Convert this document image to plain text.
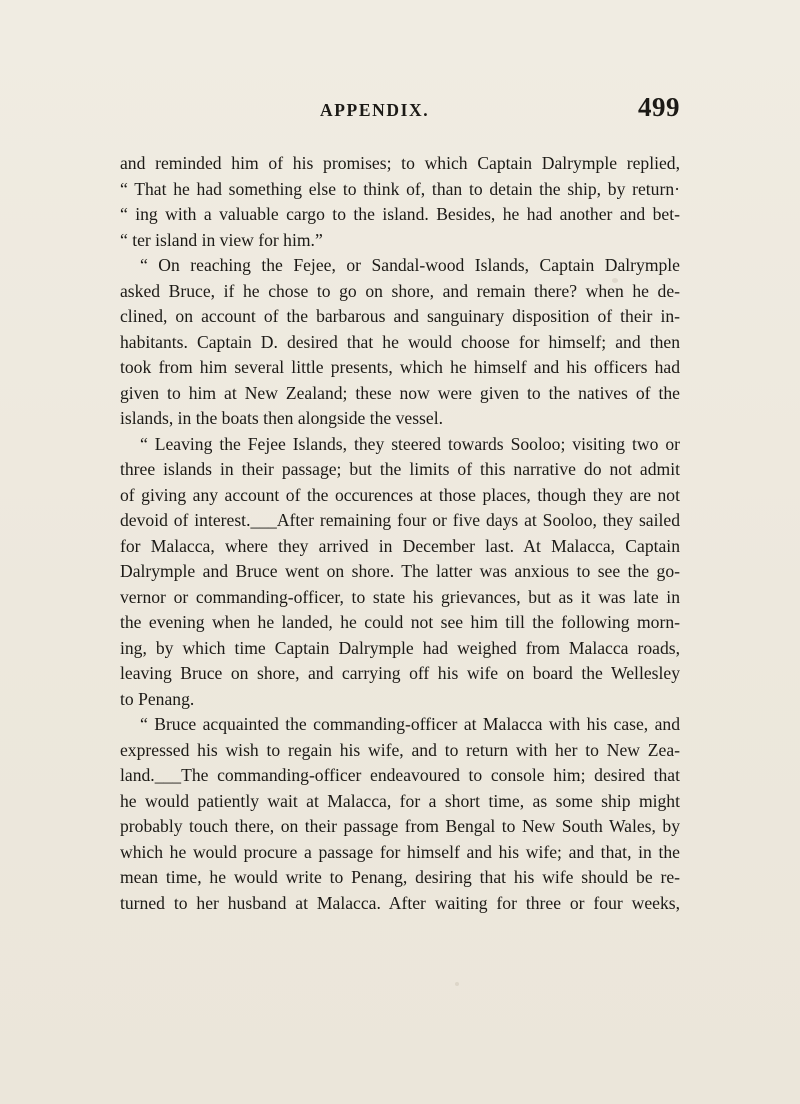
APPENDIX.	499
and reminded him of his promises; to which Captain Dalrymple replied,
“ That he had something else to think of, than to detain the ship, by return·
“ ing with a valuable cargo to the island. Besides, he had another and bet-
“ ter island in view for him.”
“ On reaching the Fejee, or Sandal-wood Islands, Captain Dalrymple
asked Bruce, if he chose to go on shore, and remain there? when he de-
clined, on account of the barbarous and sanguinary disposition of their in-
habitants. Captain D. desired that he would choose for himself; and then
took from him several little presents, which he himself and his officers had
given to him at New Zealand; these now were given to the natives of the
islands, in the boats then alongside the vessel.
“ Leaving the Fejee Islands, they steered towards Sooloo; visiting two or
three islands in their passage; but the limits of this narrative do not admit
of giving any account of the occurences at those places, though they are not
devoid of interest.___After remaining four or five days at Sooloo, they sailed
for Malacca, where they arrived in December last. At Malacca, Captain
Dalrymple and Bruce went on shore. The latter was anxious to see the go-
vernor or commanding-officer, to state his grievances, but as it was late in
the evening when he landed, he could not see him till the following morn-
ing, by which time Captain Dalrymple had weighed from Malacca roads,
leaving Bruce on shore, and carrying off his wife on board the Wellesley
to Penang.
“ Bruce acquainted the commanding-officer at Malacca with his case, and
expressed his wish to regain his wife, and to return with her to New Zea-
land.___The commanding-officer endeavoured to console him; desired that
he would patiently wait at Malacca, for a short time, as some ship might
probably touch there, on their passage from Bengal to New South Wales, by
which he would procure a passage for himself and his wife; and that, in the
mean time, he would write to Penang, desiring that his wife should be re-
turned to her husband at Malacca. After waiting for three or four weeks,
